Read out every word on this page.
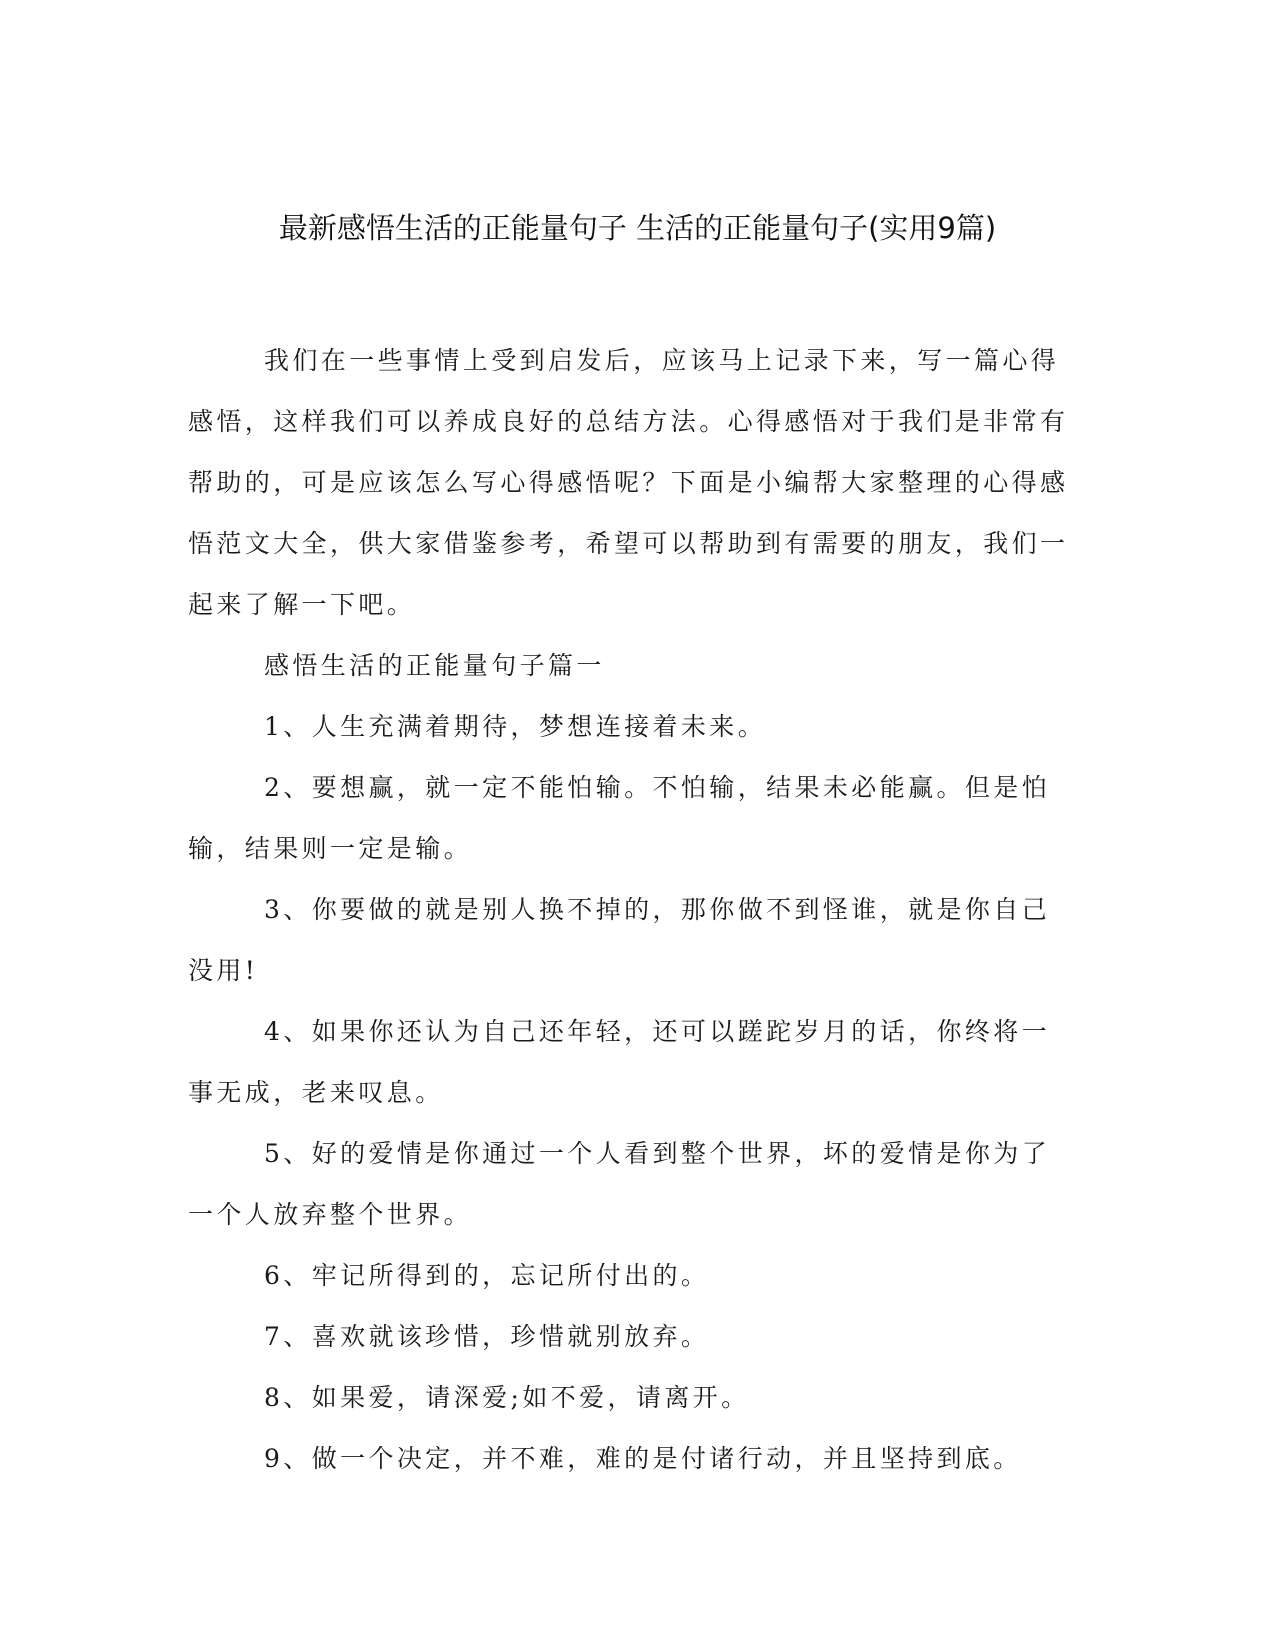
最新感悟生活的正能量句子 生活的正能量句子(实用9篇)

我们在一些事情上受到启发后，应该马上记录下来，写一篇心得感悟，这样我们可以养成良好的总结方法。心得感悟对于我们是非常有帮助的，可是应该怎么写心得感悟呢？下面是小编帮大家整理的心得感悟范文大全，供大家借鉴参考，希望可以帮助到有需要的朋友，我们一起来了解一下吧。

感悟生活的正能量句子篇一

1、人生充满着期待，梦想连接着未来。

2、要想赢，就一定不能怕输。不怕输，结果未必能赢。但是怕输，结果则一定是输。

3、你要做的就是别人换不掉的，那你做不到怪谁，就是你自己没用!

4、如果你还认为自己还年轻，还可以蹉跎岁月的话，你终将一事无成，老来叹息。

5、好的爱情是你通过一个人看到整个世界，坏的爱情是你为了一个人放弃整个世界。

6、牢记所得到的，忘记所付出的。

7、喜欢就该珍惜，珍惜就别放弃。

8、如果爱，请深爱;如不爱，请离开。

9、做一个决定，并不难，难的是付诸行动，并且坚持到底。
